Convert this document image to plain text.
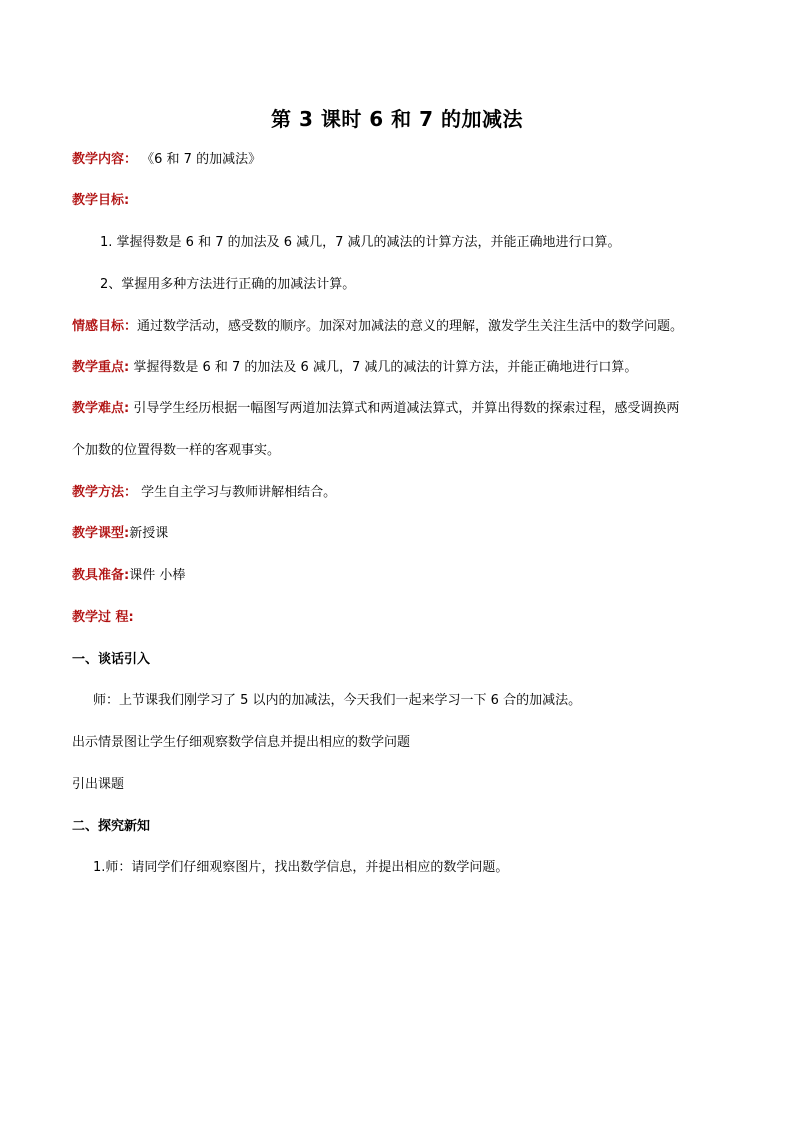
第 3 课时 6 和 7 的加减法
教学内容： 《6 和 7 的加减法》
教学目标:
1. 掌握得数是 6 和 7 的加法及 6 减几，7 减几的减法的计算方法，并能正确地进行口算。
2、掌握用多种方法进行正确的加减法计算。
情感目标：通过数学活动，感受数的顺序。加深对加减法的意义的理解，激发学生关注生活中的数学问题。
教学重点: 掌握得数是 6 和 7 的加法及 6 减几，7 减几的减法的计算方法，并能正确地进行口算。
教学难点: 引导学生经历根据一幅图写两道加法算式和两道减法算式，并算出得数的探索过程，感受调换两
个加数的位置得数一样的客观事实。
教学方法： 学生自主学习与教师讲解相结合。
教学课型:新授课
教具准备:课件 小棒
教学过 程:
一、谈话引入
师：上节课我们刚学习了 5 以内的加减法，今天我们一起来学习一下 6 合的加减法。
出示情景图让学生仔细观察数学信息并提出相应的数学问题
引出课题
二、探究新知
1.师：请同学们仔细观察图片，找出数学信息，并提出相应的数学问题。
